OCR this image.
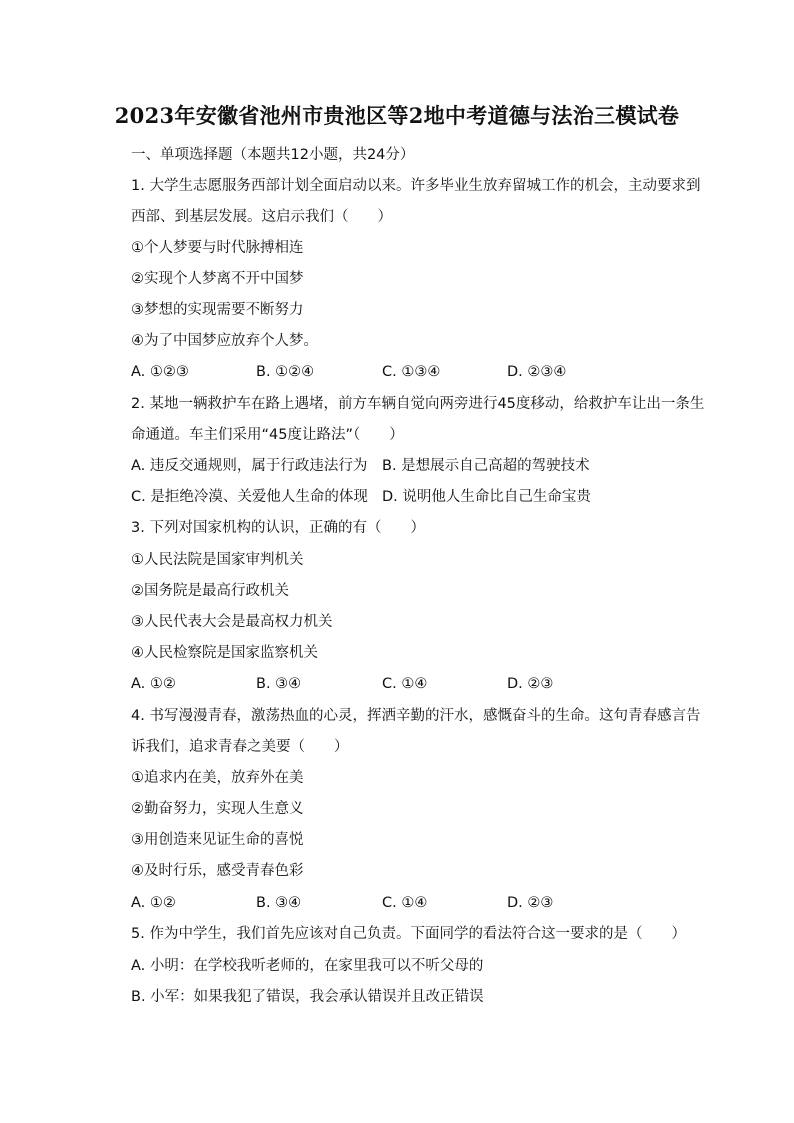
2023年安徽省池州市贵池区等2地中考道德与法治三模试卷
一、单项选择题（本题共12小题，共24分）
1. 大学生志愿服务西部计划全面启动以来。许多毕业生放弃留城工作的机会，主动要求到
西部、到基层发展。这启示我们（　　）
①个人梦要与时代脉搏相连
②实现个人梦离不开中国梦
③梦想的实现需要不断努力
④为了中国梦应放弃个人梦。
A. ①②③	B. ①②④	C. ①③④	D. ②③④
2. 某地一辆救护车在路上遇堵，前方车辆自觉向两旁进行45度移动，给救护车让出一条生
命通道。车主们采用“45度让路法”（　　）
A. 违反交通规则，属于行政违法行为 B. 是想展示自己高超的驾驶技术
C. 是拒绝冷漠、关爱他人生命的体现 D. 说明他人生命比自己生命宝贵
3. 下列对国家机构的认识，正确的有（　　）
①人民法院是国家审判机关
②国务院是最高行政机关
③人民代表大会是最高权力机关
④人民检察院是国家监察机关
A. ①②	B. ③④	C. ①④	D. ②③
4. 书写漫漫青春，激荡热血的心灵，挥洒辛勤的汗水，感慨奋斗的生命。这句青春感言告
诉我们，追求青春之美要（　　）
①追求内在美，放弃外在美
②勤奋努力，实现人生意义
③用创造来见证生命的喜悦
④及时行乐，感受青春色彩
A. ①②	B. ③④	C. ①④	D. ②③
5. 作为中学生，我们首先应该对自己负责。下面同学的看法符合这一要求的是（　　）
A. 小明：在学校我听老师的，在家里我可以不听父母的
B. 小军：如果我犯了错误，我会承认错误并且改正错误
